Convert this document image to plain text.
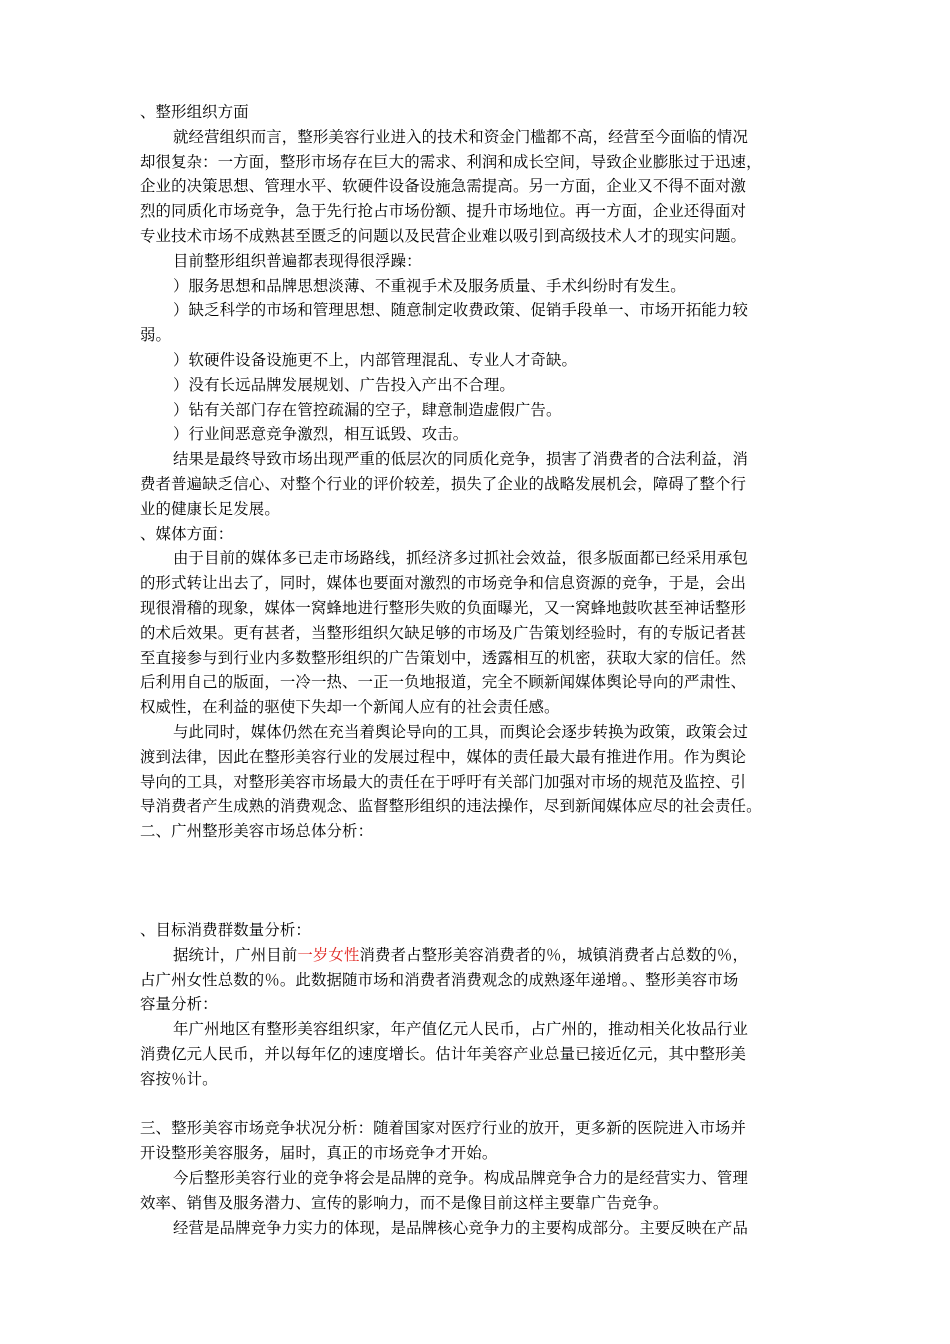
、整形组织方面
就经营组织而言，整形美容行业进入的技术和资金门槛都不高，经营至今面临的情况
却很复杂：一方面，整形市场存在巨大的需求、利润和成长空间，导致企业膨胀过于迅速，
企业的决策思想、管理水平、软硬件设备设施急需提高。另一方面，企业又不得不面对激
烈的同质化市场竞争，急于先行抢占市场份额、提升市场地位。再一方面，企业还得面对
专业技术市场不成熟甚至匮乏的问题以及民营企业难以吸引到高级技术人才的现实问题。
目前整形组织普遍都表现得很浮躁：
）服务思想和品牌思想淡薄、不重视手术及服务质量、手术纠纷时有发生。
）缺乏科学的市场和管理思想、随意制定收费政策、促销手段单一、市场开拓能力较
弱。
）软硬件设备设施更不上，内部管理混乱、专业人才奇缺。
）没有长远品牌发展规划、广告投入产出不合理。
）钻有关部门存在管控疏漏的空子，肆意制造虚假广告。
）行业间恶意竞争激烈，相互诋毁、攻击。
结果是最终导致市场出现严重的低层次的同质化竞争，损害了消费者的合法利益，消
费者普遍缺乏信心、对整个行业的评价较差，损失了企业的战略发展机会，障碍了整个行
业的健康长足发展。
、媒体方面：
由于目前的媒体多已走市场路线，抓经济多过抓社会效益，很多版面都已经采用承包
的形式转让出去了，同时，媒体也要面对激烈的市场竞争和信息资源的竞争，于是，会出
现很滑稽的现象，媒体一窝蜂地进行整形失败的负面曝光，又一窝蜂地鼓吹甚至神话整形
的术后效果。更有甚者，当整形组织欠缺足够的市场及广告策划经验时，有的专版记者甚
至直接参与到行业内多数整形组织的广告策划中，透露相互的机密，获取大家的信任。然
后利用自己的版面，一冷一热、一正一负地报道，完全不顾新闻媒体舆论导向的严肃性、
权威性，在利益的驱使下失却一个新闻人应有的社会责任感。
与此同时，媒体仍然在充当着舆论导向的工具，而舆论会逐步转换为政策，政策会过
渡到法律，因此在整形美容行业的发展过程中，媒体的责任最大最有推进作用。作为舆论
导向的工具，对整形美容市场最大的责任在于呼吁有关部门加强对市场的规范及监控、引
导消费者产生成熟的消费观念、监督整形组织的违法操作，尽到新闻媒体应尽的社会责任。
二、广州整形美容市场总体分析：
、目标消费群数量分析：
据统计，广州目前一岁女性消费者占整形美容消费者的％，城镇消费者占总数的％，
占广州女性总数的％。此数据随市场和消费者消费观念的成熟逐年递增。、整形美容市场
容量分析：
年广州地区有整形美容组织家，年产值亿元人民币，占广州的，推动相关化妆品行业
消费亿元人民币，并以每年亿的速度增长。估计年美容产业总量已接近亿元，其中整形美
容按％计。
三、整形美容市场竞争状况分析：随着国家对医疗行业的放开，更多新的医院进入市场并
开设整形美容服务，届时，真正的市场竞争才开始。
今后整形美容行业的竞争将会是品牌的竞争。构成品牌竞争合力的是经营实力、管理
效率、销售及服务潜力、宣传的影响力，而不是像目前这样主要靠广告竞争。
经营是品牌竞争力实力的体现，是品牌核心竞争力的主要构成部分。主要反映在产品
